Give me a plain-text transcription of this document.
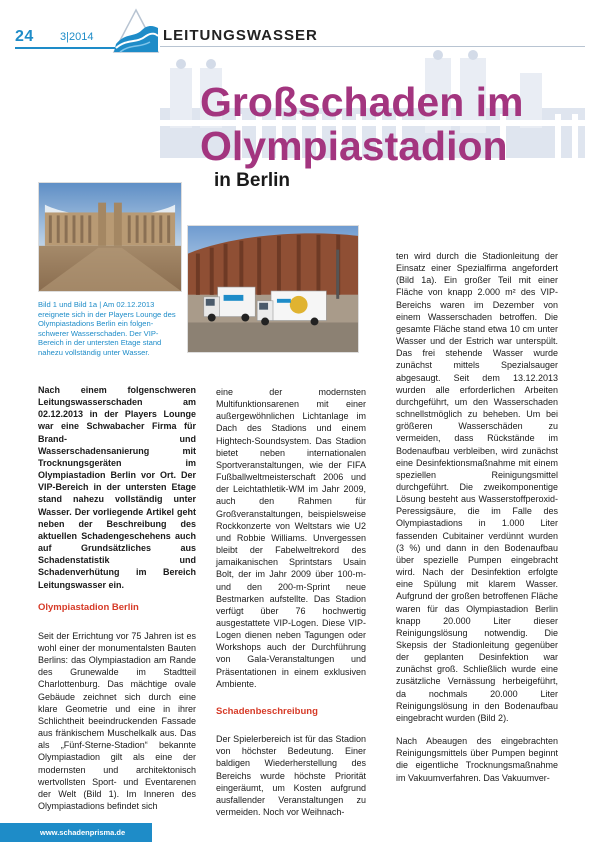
24 3|2014	LEITUNGSWASSER
Großschaden im Olympiastadion
in Berlin
Bild 1 und Bild 1a | Am 02.12.2013 ereignete sich in der Players Lounge des Olympiastadions Berlin ein folgen-schwerer Wasserschaden. Der VIP-Bereich in der untersten Etage stand nahezu vollständig unter Wasser.

Nach einem folgenschweren Leitungswasserschaden am 02.12.2013 in der Players Lounge war eine Schwabacher Firma für Brand- und Wasserschadensanierung mit Trocknungsgeräten im Olympiastadion Berlin vor Ort. Der VIP-Bereich in der untersten Etage stand nahezu vollständig unter Wasser. Der vorliegende Artikel geht neben der Beschreibung des aktuellen Schadengeschehens auch auf Grundsätzliches aus Schadenstatistik und Schadenverhütung im Bereich Leitungswasser ein.

Olympiastadion Berlin

Seit der Errichtung vor 75 Jahren ist es wohl einer der monumentalsten Bauten Berlins: das Olympiastadion am Rande des Grunewalde im Stadtteil Charlottenburg. Das mächtige ovale Gebäude zeichnet sich durch eine klare Geometrie und eine in ihrer Schlichtheit beeindruckenden Fassade aus fränkischem Muschelkalk aus. Das als „Fünf-Sterne-Stadion“ bekannte Olympiastadion gilt als eine der modernsten und architektonisch wertvollsten Sport- und Eventarenen der Welt (Bild 1). Im Inneren des Olympiastadions befindet sich

eine der modernsten Multifunktionsarenen mit einer außergewöhnlichen Lichtanlage im Dach des Stadions und einem Hightech-Soundsystem. Das Stadion bietet neben internationalen Sportveranstaltungen, wie der FIFA Fußballweltmeisterschaft 2006 und der Leichtathletik-WM im Jahr 2009, auch den Rahmen für Großveranstaltungen, beispielsweise Rockkonzerte von Weltstars wie U2 und Robbie Williams. Unvergessen bleibt der Fabelweltrekord des jamaikanischen Sprintstars Usain Bolt, der im Jahr 2009 über 100-m- und den 200-m-Sprint neue Bestmarken aufstellte. Das Stadion verfügt über 76 hochwertig ausgestattete VIP-Logen. Diese VIP-Logen dienen neben Tagungen oder Workshops auch der Durchführung von Gala-Veranstaltungen und Präsentationen in einem exklusiven Ambiente.

Schadenbeschreibung

Der Spielerbereich ist für das Stadion von höchster Bedeutung. Einer baldigen Wiederherstellung des Bereichs wurde höchste Priorität eingeräumt, um Kosten aufgrund ausfallender Veranstaltungen zu vermeiden. Noch vor Weihnach-

ten wird durch die Stadionleitung der Einsatz einer Spezialfirma angefordert (Bild 1a). Ein großer Teil mit einer Fläche von knapp 2.000 m² des VIP-Bereichs waren im Dezember von einem Wasserschaden betroffen. Die gesamte Fläche stand etwa 10 cm unter Wasser und der Estrich war unterspült. Das frei stehende Wasser wurde zunächst mittels Spezialsauger abgesaugt. Seit dem 13.12.2013 wurden alle erforderlichen Arbeiten durchgeführt, um den Wasserschaden schnellstmöglich zu beheben. Um bei größeren Wasserschäden zu vermeiden, dass Rückstände im Bodenaufbau verbleiben, wird zunächst eine Desinfektionsmaßnahme mit einem speziellen Reinigungsmittel durchgeführt. Die zweikomponentige Lösung besteht aus Wasserstoffperoxid-Peressigsäure, die im Falle des Olympiastadions in 1.000 Liter fassenden Cubitainer verdünnt wurden (3 %) und dann in den Bodenaufbau über spezielle Pumpen eingebracht wird. Nach der Desinfektion erfolgte eine Spülung mit klarem Wasser. Aufgrund der großen betroffenen Fläche waren für das Olympiastadion Berlin knapp 20.000 Liter dieser Reinigungslösung notwendig. Die Skepsis der Stadionleitung gegenüber der geplanten Desinfektion war zunächst groß. Schließlich wurde eine zusätzliche Vernässung herbeigeführt, da nochmals 20.000 Liter Reinigungslösung in den Bodenaufbau eingebracht wurden (Bild 2).

Nach Abeaugen des eingebrachten Reinigungsmittels über Pumpen beginnt die eigentliche Trocknungsmaßnahme im Vakuumverfahren. Das Vakuumver-

www.schadenprisma.de
